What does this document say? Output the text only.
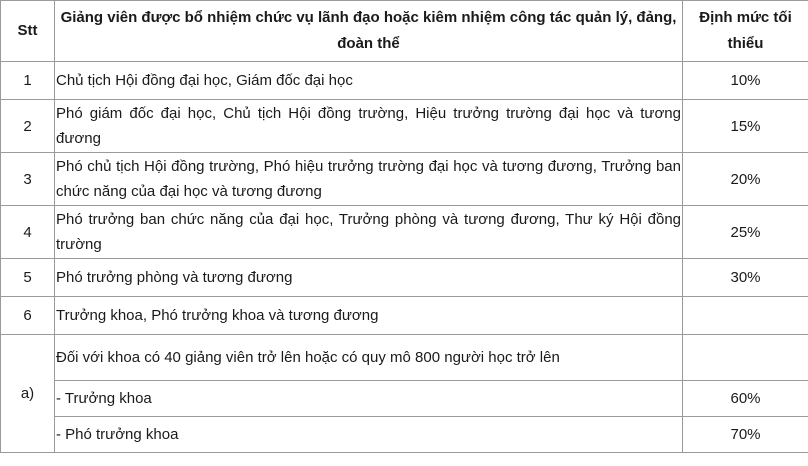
Stt	Giảng viên được bổ nhiệm chức vụ lãnh đạo hoặc kiêm nhiệm công tác quản lý, đảng, đoàn thể	Định mức tối thiểu
1	Chủ tịch Hội đồng đại học, Giám đốc đại học	10%
2	Phó giám đốc đại học, Chủ tịch Hội đồng trường, Hiệu trưởng trường đại học và tương đương	15%
3	Phó chủ tịch Hội đồng trường, Phó hiệu trưởng trường đại học và tương đương, Trưởng ban chức năng của đại học và tương đương	20%
4	Phó trưởng ban chức năng của đại học, Trưởng phòng và tương đương, Thư ký Hội đồng trường	25%
5	Phó trưởng phòng và tương đương	30%
6	Trưởng khoa, Phó trưởng khoa và tương đương	
a)	Đối với khoa có 40 giảng viên trở lên hoặc có quy mô 800 người học trở lên	
	- Trưởng khoa	60%
	- Phó trưởng khoa	70%
